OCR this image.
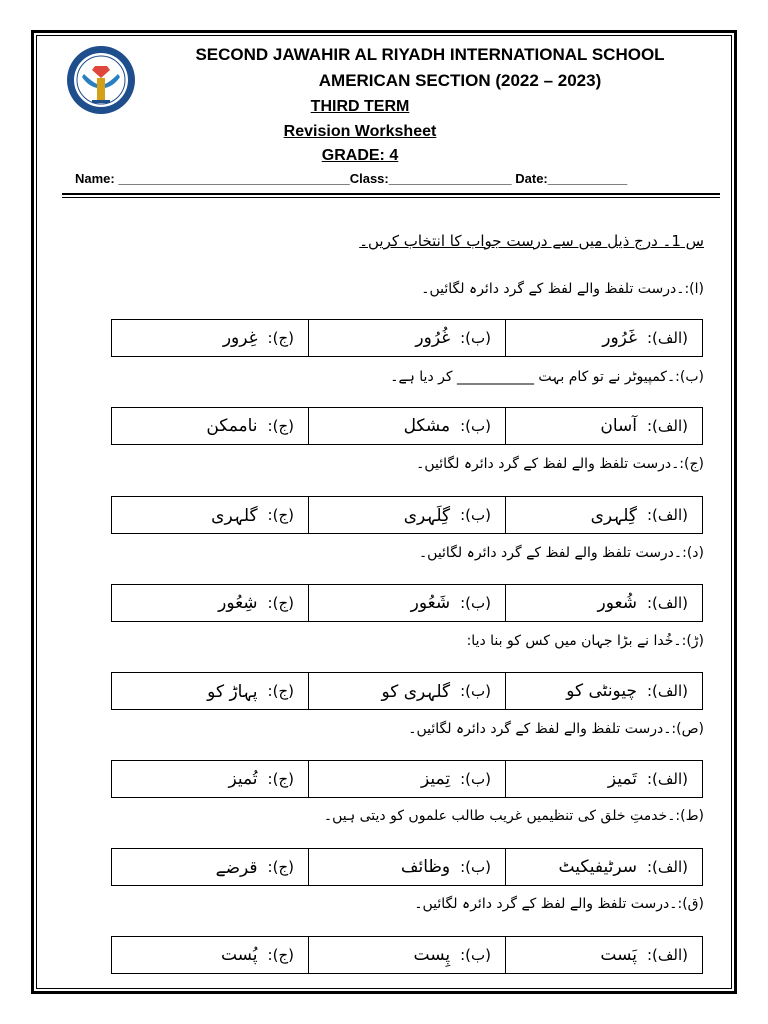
SECOND JAWAHIR AL RIYADH INTERNATIONAL SCHOOL
AMERICAN SECTION (2022 – 2023)
THIRD TERM
Revision Worksheet
GRADE: 4
Name: ________________________________Class:_________________ Date:___________
س 1۔ درج ذیل میں سے درست جواب کا انتخاب کریں۔
(ا):۔درست تلفظ والے لفظ کے گرد دائرہ لگائیں۔
(الف):
غَرُور
(ب):
غُرُور
(ج):
غِرور
(ب):۔کمپیوٹر نے تو کام بہت ___________ کر دیا ہے۔
(الف):
آسان
(ب):
مشکل
(ج):
ناممکن
(ج):۔درست تلفظ والے لفظ کے گرد دائرہ لگائیں۔
(الف):
گِلہری
(ب):
گِلَہری
(ج):
گلہری
(د):۔درست تلفظ والے لفظ کے گرد دائرہ لگائیں۔
(الف):
شُعور
(ب):
شَعُور
(ج):
شِعُور
(ڑ):۔خُدا نے بڑا جہان میں کس کو بنا دیا:
(الف):
چیونٹی کو
(ب):
گلہری کو
(ج):
پہاڑ کو
(ص):۔درست تلفظ والے لفظ کے گرد دائرہ لگائیں۔
(الف):
تَمیز
(ب):
تِمیز
(ج):
تُمیز
(ط):۔خدمتِ خلق کی تنظیمیں غریب طالب علموں کو دیتی ہیں۔
(الف):
سرٹیفیکیٹ
(ب):
وظائف
(ج):
قرضے
(ق):۔درست تلفظ والے لفظ کے گرد دائرہ لگائیں۔
(الف):
پَست
(ب):
پِست
(ج):
پُست
